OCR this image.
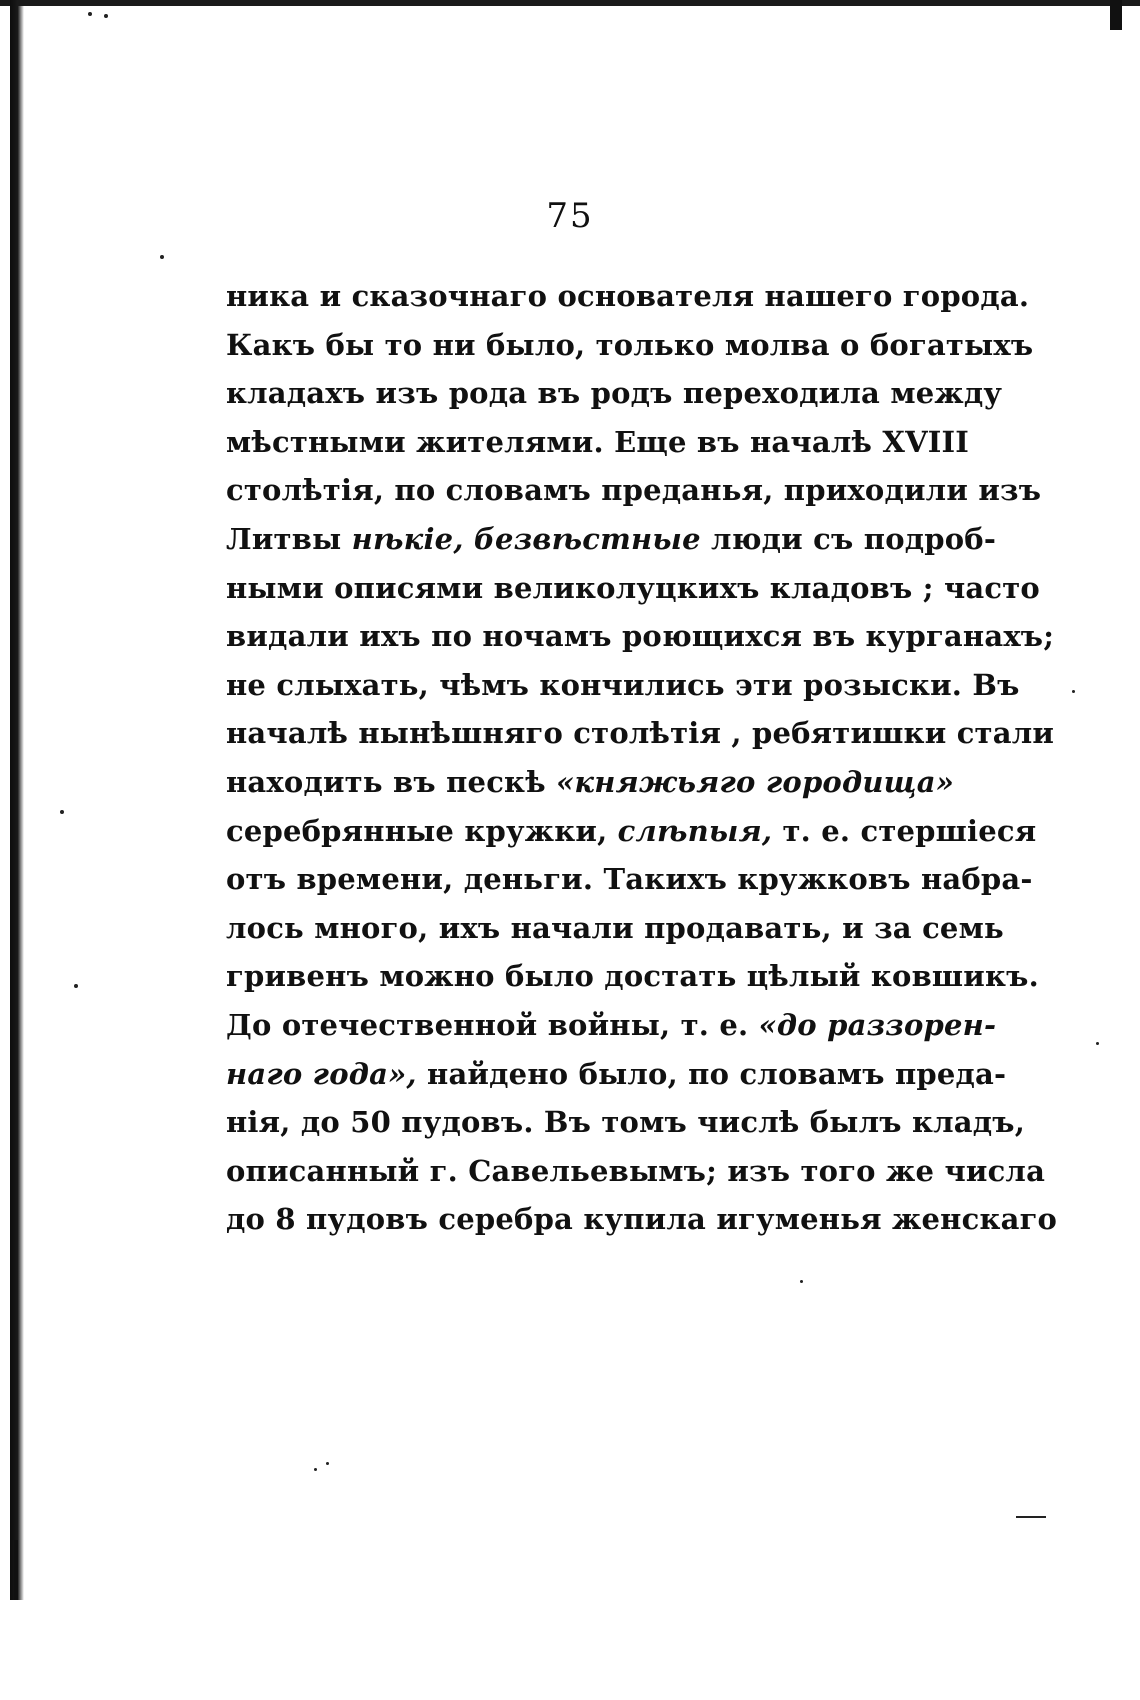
75
ника и сказочнаго основателя нашего города.
Какъ бы то ни было, только молва о богатыхъ
кладахъ изъ рода въ родъ переходила между
мѣстными жителями. Еще въ началѣ XVIII
столѣтія, по словамъ преданья, приходили изъ
Литвы нѣкіе, безвѣстные люди съ подроб-
ными описями великолуцкихъ кладовъ ; часто
видали ихъ по ночамъ роющихся въ курганахъ;
не слыхать, чѣмъ кончились эти розыски. Въ
началѣ нынѣшняго столѣтія , ребятишки стали
находить въ пескѣ «княжьяго городища»
серебрянные кружки, слѣпыя, т. е. стершіеся
отъ времени, деньги. Такихъ кружковъ набра-
лось много, ихъ начали продавать, и за семь
гривенъ можно было достать цѣлый ковшикъ.
До отечественной войны, т. е. «до раззорен-
наго года», найдено было, по словамъ преда-
нія, до 50 пудовъ. Въ томъ числѣ былъ кладъ,
описанный г. Савельевымъ; изъ того же числа
до 8 пудовъ серебра купила игуменья женскаго
